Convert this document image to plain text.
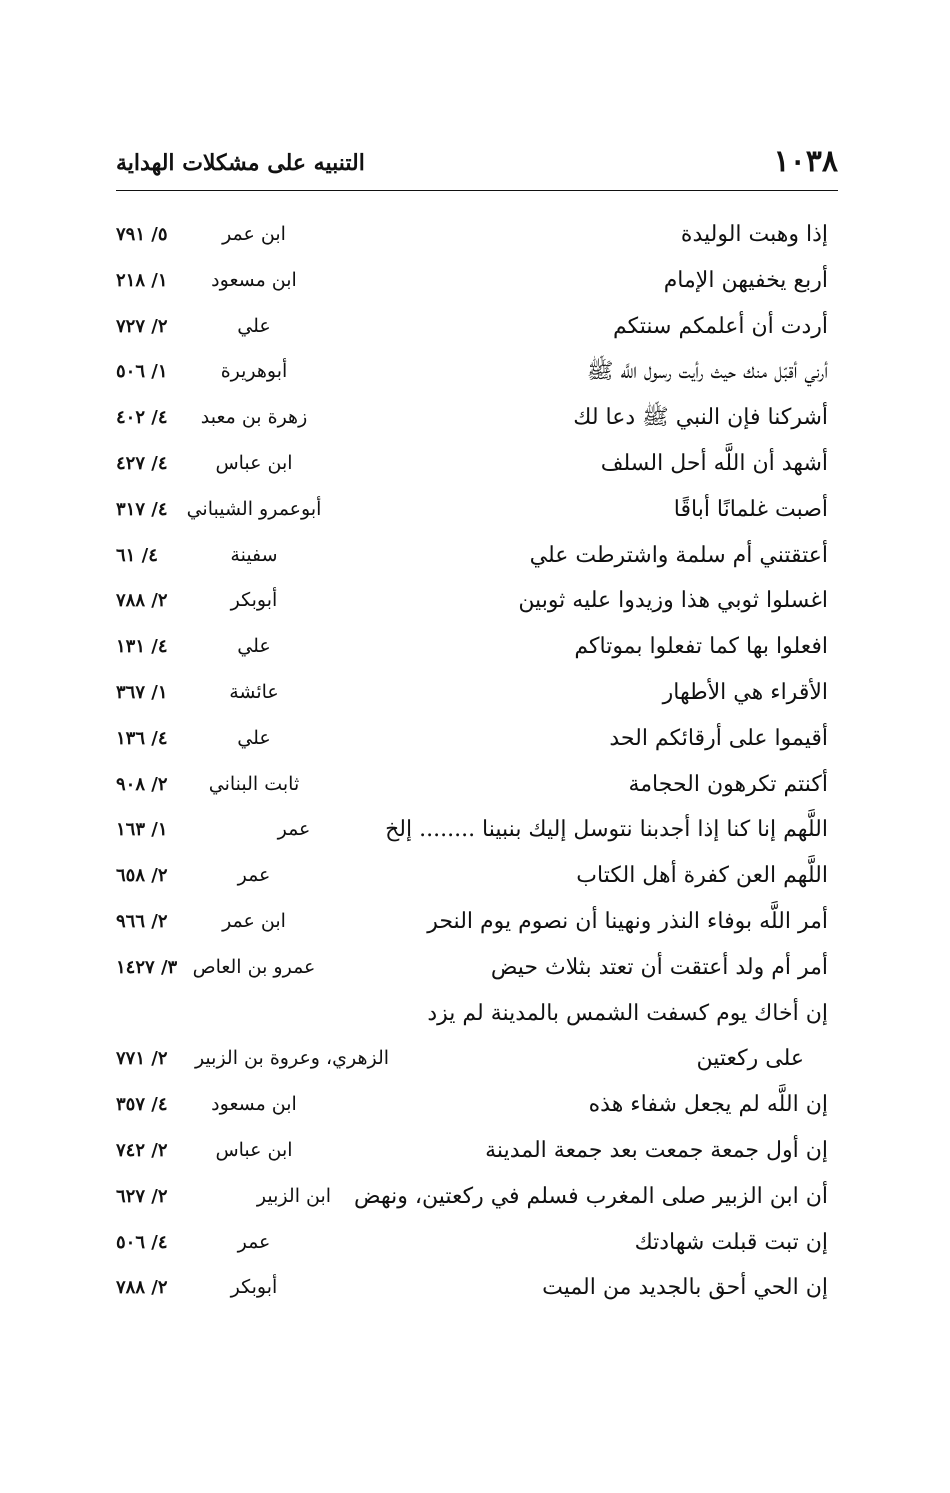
١٠٣٨
التنبيه على مشكلات الهداية
إذا وهبت الوليدة
ابن عمر
٥/ ٧٩١
أربع يخفيهن الإمام
ابن مسعود
١/ ٢١٨
أردت أن أعلمكم سنتكم
علي
٢/ ٧٢٧
أرني أقبّل منك حيث رأيت رسول اللَّه ﷺ
أبوهريرة
١/ ٥٠٦
أشركنا فإن النبي ﷺ دعا لك
زهرة بن معبد
٤/ ٤٠٢
أشهد أن اللَّه أحل السلف
ابن عباس
٤/ ٤٢٧
أصبت غلمانًا أباقًا
أبوعمرو الشيباني
٤/ ٣١٧
أعتقتني أم سلمة واشترطت علي
سفينة
٤/ ٦١
اغسلوا ثوبي هذا وزيدوا عليه ثوبين
أبوبكر
٢/ ٧٨٨
افعلوا بها كما تفعلوا بموتاكم
علي
٤/ ١٣١
الأقراء هي الأطهار
عائشة
١/ ٣٦٧
أقيموا على أرقائكم الحد
علي
٤/ ١٣٦
أكنتم تكرهون الحجامة
ثابت البناني
٢/ ٩٠٨
اللَّهم إنا كنا إذا أجدبنا نتوسل إليك بنبينا ........ إلخ
عمر
١/ ١٦٣
اللَّهم العن كفرة أهل الكتاب
عمر
٢/ ٦٥٨
أمر اللَّه بوفاء النذر ونهينا أن نصوم يوم النحر
ابن عمر
٢/ ٩٦٦
أمر أم ولد أعتقت أن تعتد بثلاث حيض
عمرو بن العاص
٣/ ١٤٢٧
إن أخاك يوم كسفت الشمس بالمدينة لم يزد
على ركعتين
الزهري، وعروة بن الزبير
٢/ ٧٧١
إن اللَّه لم يجعل شفاء هذه
ابن مسعود
٤/ ٣٥٧
إن أول جمعة جمعت بعد جمعة المدينة
ابن عباس
٢/ ٧٤٢
أن ابن الزبير صلى المغرب فسلم في ركعتين، ونهض
ابن الزبير
٢/ ٦٢٧
إن تبت قبلت شهادتك
عمر
٤/ ٥٠٦
إن الحي أحق بالجديد من الميت
أبوبكر
٢/ ٧٨٨
